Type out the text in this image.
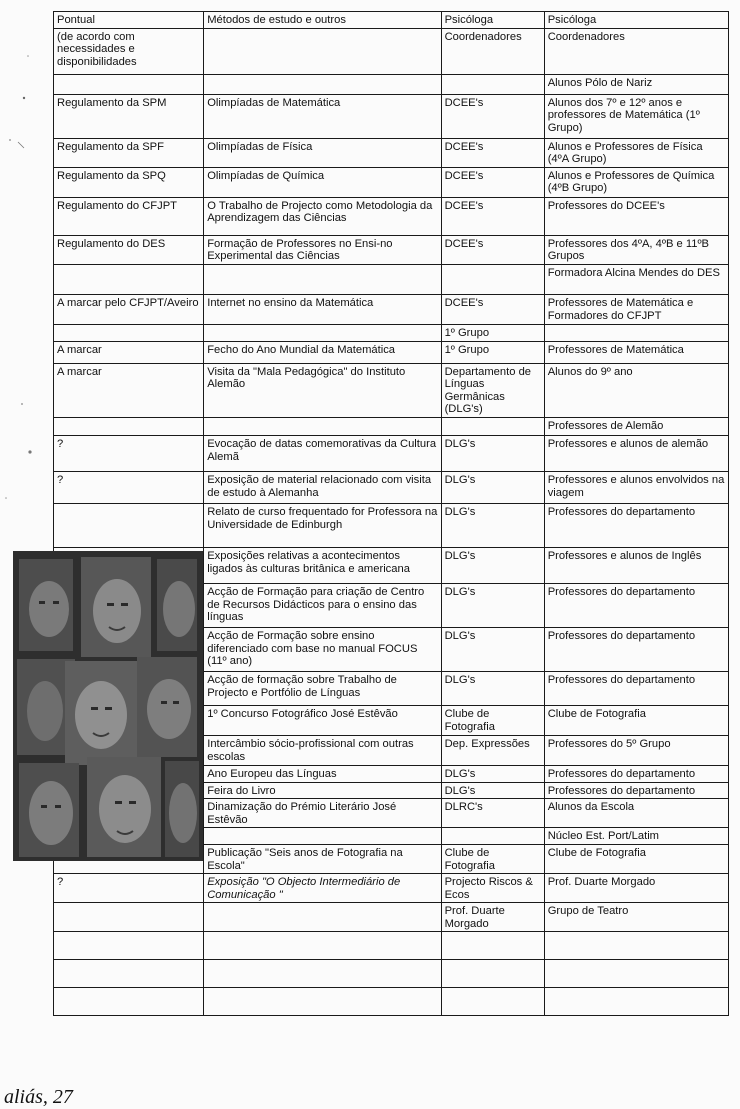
Pontual	Métodos de estudo e outros	Psicóloga	Psicóloga
(de acordo com necessidades e disponibilidades		Coordenadores	Coordenadores
			Alunos Pólo de Nariz
Regulamento da SPM	Olimpíadas de Matemática	DCEE's	Alunos dos 7º e 12º anos e professores de Matemática (1º Grupo)
Regulamento da SPF	Olimpíadas de Física	DCEE's	Alunos e Professores de Física (4ºA Grupo)
Regulamento da SPQ	Olimpíadas de Química	DCEE's	Alunos e Professores de Química (4ºB Grupo)
Regulamento do CFJPT	O Trabalho de Projecto como Metodologia da Aprendizagem das Ciências	DCEE's	Professores do DCEE's
Regulamento do DES	Formação de Professores no Ensi-no Experimental das Ciências	DCEE's	Professores dos 4ºA, 4ºB e 11ºB Grupos
			Formadora Alcina Mendes do DES
A marcar pelo CFJPT/Aveiro	Internet no ensino da Matemática	DCEE's	Professores de Matemática e Formadores do CFJPT
		1º Grupo	
A marcar	Fecho do Ano Mundial da Matemática	1º Grupo	Professores de Matemática
A marcar	Visita da "Mala Pedagógica" do Instituto Alemão	Departamento de Línguas Germânicas (DLG's)	Alunos do 9º ano
			Professores de Alemão
?	Evocação de datas comemorativas da Cultura Alemã	DLG's	Professores e alunos de alemão
?	Exposição de material relacionado com visita de estudo à Alemanha	DLG's	Professores e alunos envolvidos na viagem
	Relato de curso frequentado for Professora na Universidade de Edinburgh	DLG's	Professores do departamento
	Exposições relativas a acontecimentos ligados às culturas britânica e americana	DLG's	Professores e alunos de Inglês
	Acção de Formação para criação de Centro de Recursos Didácticos para o ensino das línguas	DLG's	Professores do departamento
	Acção de Formação sobre ensino diferenciado com base no manual FOCUS (11º ano)	DLG's	Professores do departamento
	Acção de formação sobre Trabalho de Projecto e Portfólio de Línguas	DLG's	Professores do departamento
	1º Concurso Fotográfico José Estêvão	Clube de Fotografia	Clube de Fotografia
	Intercâmbio sócio-profissional com outras escolas	Dep. Expressões	Professores do 5º Grupo
	Ano Europeu das Línguas	DLG's	Professores do departamento
	Feira do Livro	DLG's	Professores do departamento
	Dinamização do Prémio Literário José Estêvão	DLRC's	Alunos da Escola
			Núcleo Est. Port/Latim
	Publicação "Seis anos de Fotografia na Escola"	Clube de Fotografia	Clube de Fotografia
?	Exposição "O Objecto Intermediário de Comunicação "	Projecto Riscos & Ecos	Prof. Duarte Morgado
		Prof. Duarte Morgado	Grupo de Teatro

aliás, 27
